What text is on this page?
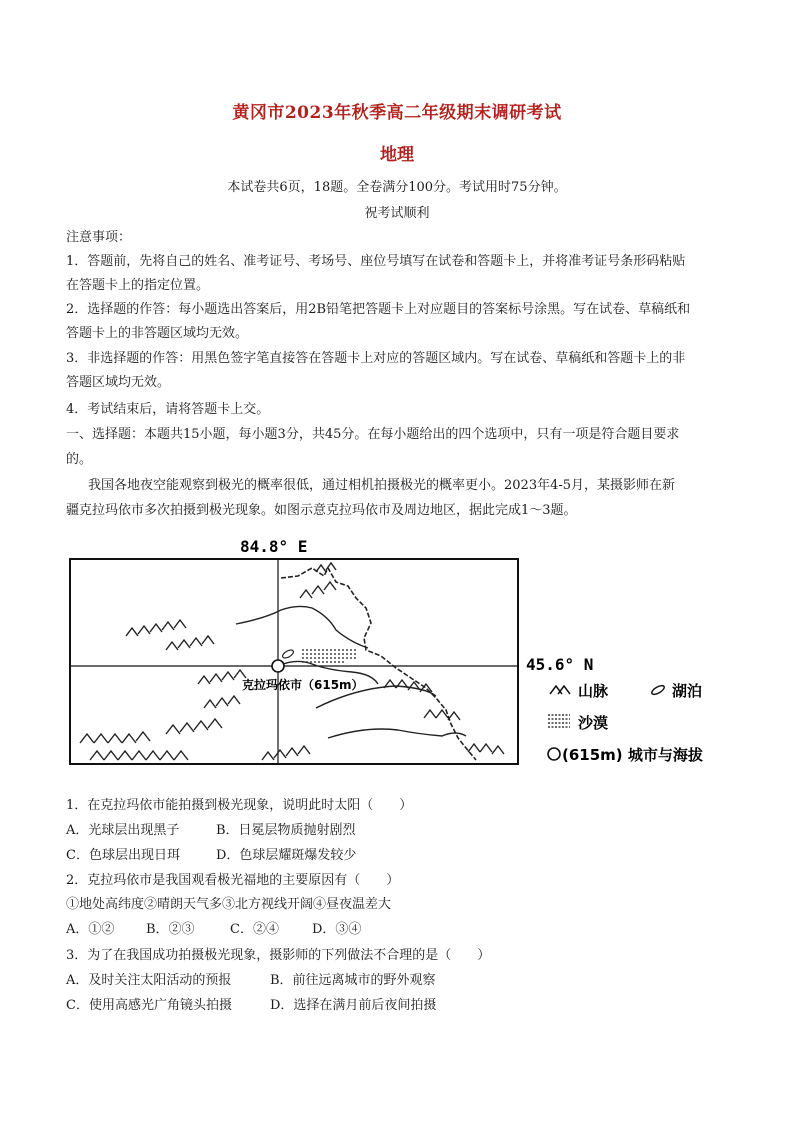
黄冈市2023年秋季高二年级期末调研考试
地理
本试卷共6页，18题。全卷满分100分。考试用时75分钟。
祝考试顺利
注意事项：
1．答题前，先将自己的姓名、准考证号、考场号、座位号填写在试卷和答题卡上，并将准考证号条形码粘贴
在答题卡上的指定位置。
2．选择题的作答：每小题选出答案后，用2B铅笔把答题卡上对应题目的答案标号涂黑。写在试卷、草稿纸和
答题卡上的非答题区域均无效。
3．非选择题的作答：用黑色签字笔直接答在答题卡上对应的答题区域内。写在试卷、草稿纸和答题卡上的非
答题区域均无效。
4．考试结束后，请将答题卡上交。
一、选择题：本题共15小题，每小题3分，共45分。在每小题给出的四个选项中，只有一项是符合题目要求
的。
我国各地夜空能观察到极光的概率很低，通过相机拍摄极光的概率更小。2023年4-5月，某摄影师在新
疆克拉玛依市多次拍摄到极光现象。如图示意克拉玛依市及周边地区，据此完成1～3题。
84.8° E
克拉玛依市（615m）
45.6° N
山脉	湖泊
沙漠
(615m) 城市与海拔
1．在克拉玛依市能拍摄到极光现象，说明此时太阳（　　）
A．光球层出现黑子	B．日冕层物质抛射剧烈
C．色球层出现日珥	D．色球层耀斑爆发较少
2．克拉玛依市是我国观看极光福地的主要原因有（　　）
①地处高纬度②晴朗天气多③北方视线开阔④昼夜温差大
A．①② B．②③	C．②④	D．③④
3．为了在我国成功拍摄极光现象，摄影师的下列做法不合理的是（　　）
A．及时关注太阳活动的预报	B．前往远离城市的野外观察
C．使用高感光广角镜头拍摄	D．选择在满月前后夜间拍摄
